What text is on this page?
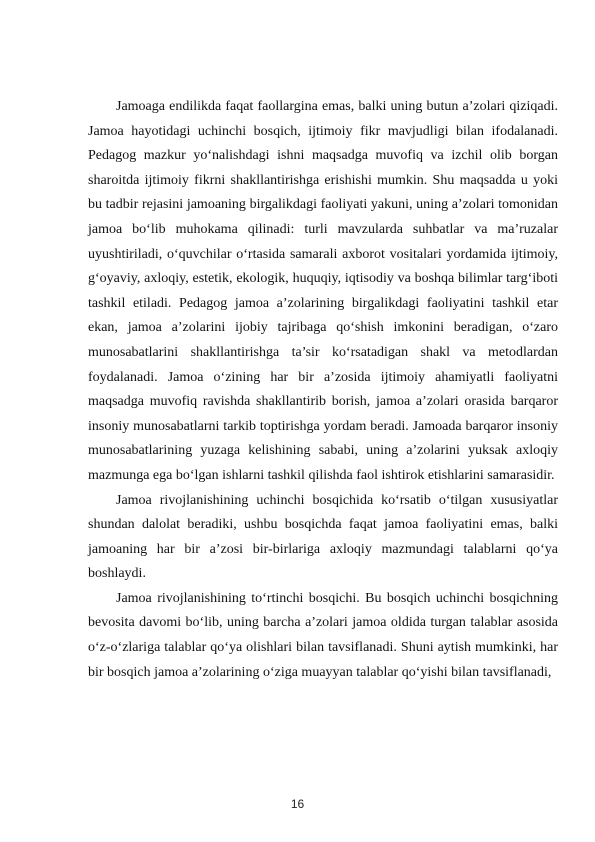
Jamoaga endilikda faqat faollargina emas, balki uning butun a’zolari qiziqadi. Jamoa hayotidagi uchinchi bosqich, ijtimoiy fikr mavjudligi bilan ifodalanadi. Pedagog mazkur yo‘nalishdagi ishni maqsadga muvofiq va izchil olib borgan sharoitda ijtimoiy fikrni shakllantirishga erishishi mumkin. Shu maqsadda u yoki bu tadbir rejasini jamoaning birgalikdagi faoliyati yakuni, uning a’zolari tomonidan jamoa bo‘lib muhokama qilinadi: turli mavzularda suhbatlar va ma’ruzalar uyushtiriladi, o‘quvchilar o‘rtasida samarali axborot vositalari yordamida ijtimoiy, g‘oyaviy, axloqiy, estetik, ekologik, huquqiy, iqtisodiy va boshqa bilimlar targ‘iboti tashkil etiladi. Pedagog jamoa a’zolarining birgalikdagi faoliyatini tashkil etar ekan, jamoa a’zolarini ijobiy tajribaga qo‘shish imkonini beradigan, o‘zaro munosabatlarini shakllantirishga ta’sir ko‘rsatadigan shakl va metodlardan foydalanadi. Jamoa o‘zining har bir a’zosida ijtimoiy ahamiyatli faoliyatni maqsadga muvofiq ravishda shakllantirib borish, jamoa a’zolari orasida barqaror insoniy munosabatlarni tarkib toptirishga yordam beradi. Jamoada barqaror insoniy munosabatlarining yuzaga kelishining sababi, uning a’zolarini yuksak axloqiy mazmunga ega bo‘lgan ishlarni tashkil qilishda faol ishtirok etishlarini samarasidir.

Jamoa rivojlanishining uchinchi bosqichida ko‘rsatib o‘tilgan xususiyatlar shundan dalolat beradiki, ushbu bosqichda faqat jamoa faoliyatini emas, balki jamoaning har bir a’zosi bir-birlariga axloqiy mazmundagi talablarni qo‘ya boshlaydi.

Jamoa rivojlanishining to‘rtinchi bosqichi. Bu bosqich uchinchi bosqichning bevosita davomi bo‘lib, uning barcha a’zolari jamoa oldida turgan talablar asosida o‘z-o‘zlariga talablar qo‘ya olishlari bilan tavsiflanadi. Shuni aytish mumkinki, har bir bosqich jamoa a’zolarining o‘ziga muayyan talablar qo‘yishi bilan tavsiflanadi,

16
